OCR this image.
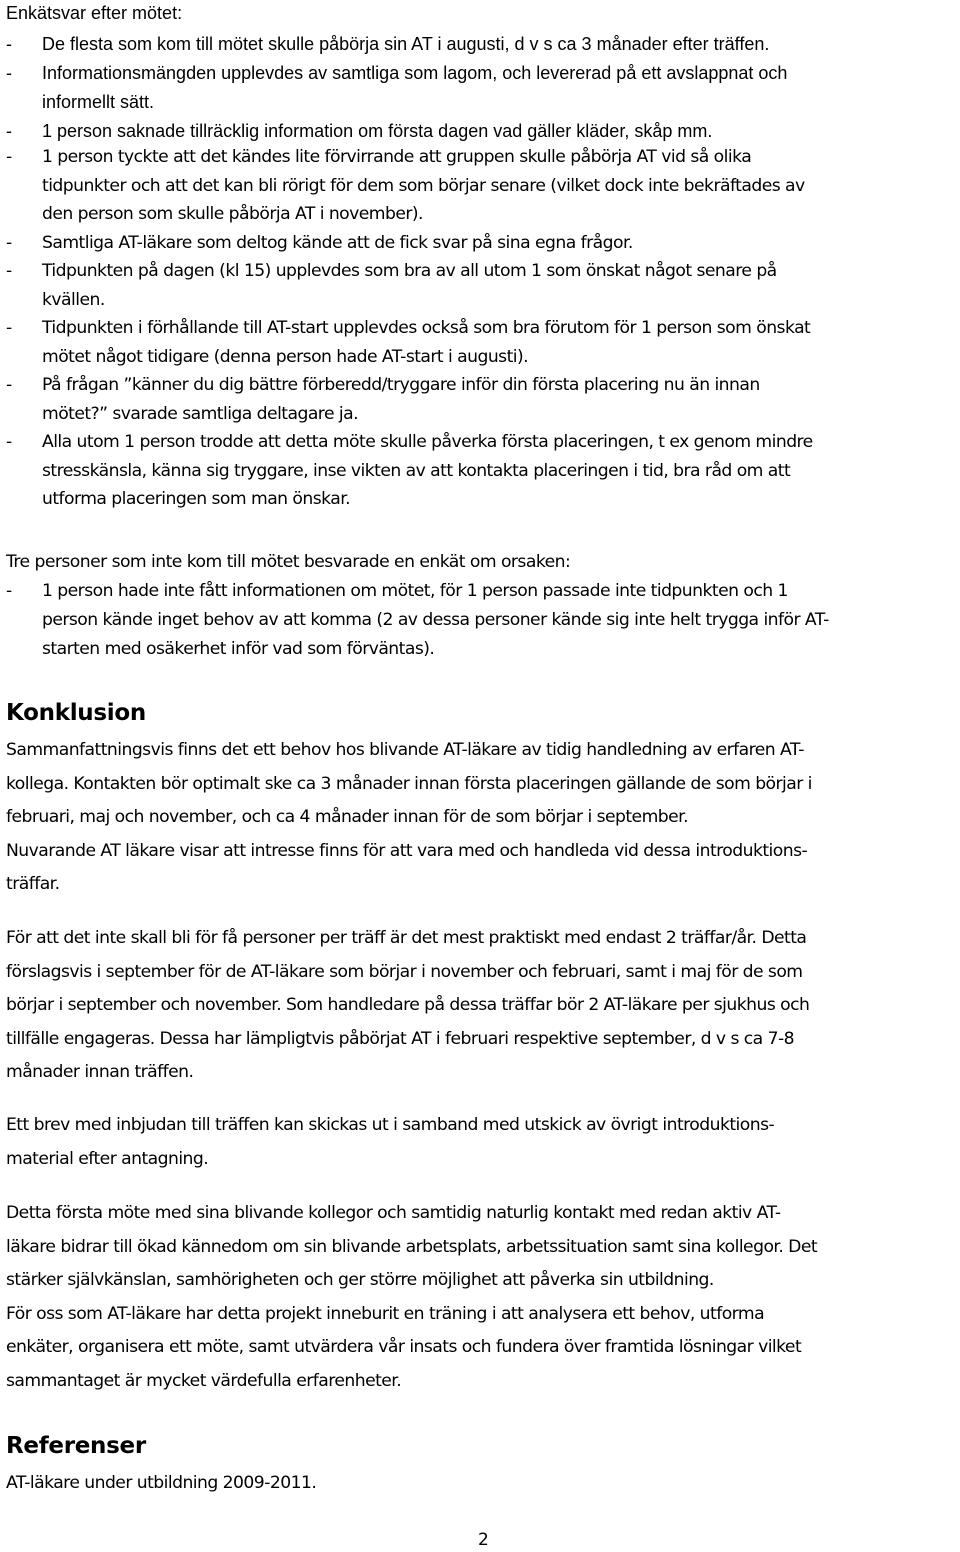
Enkätsvar efter mötet:
- De flesta som kom till mötet skulle påbörja sin AT i augusti, d v s ca 3 månader efter träffen.
- Informationsmängden upplevdes av samtliga som lagom, och levererad på ett avslappnat och
informellt sätt.
- 1 person saknade tillräcklig information om första dagen vad gäller kläder, skåp mm.
- 1 person tyckte att det kändes lite förvirrande att gruppen skulle påbörja AT vid så olika
tidpunkter och att det kan bli rörigt för dem som börjar senare (vilket dock inte bekräftades av
den person som skulle påbörja AT i november).
- Samtliga AT-läkare som deltog kände att de fick svar på sina egna frågor.
- Tidpunkten på dagen (kl 15) upplevdes som bra av all utom 1 som önskat något senare på
kvällen.
- Tidpunkten i förhållande till AT-start upplevdes också som bra förutom för 1 person som önskat
mötet något tidigare (denna person hade AT-start i augusti).
- På frågan ”känner du dig bättre förberedd/tryggare inför din första placering nu än innan
mötet?” svarade samtliga deltagare ja.
- Alla utom 1 person trodde att detta möte skulle påverka första placeringen, t ex genom mindre
stresskänsla, känna sig tryggare, inse vikten av att kontakta placeringen i tid, bra råd om att
utforma placeringen som man önskar.
Tre personer som inte kom till mötet besvarade en enkät om orsaken:
- 1 person hade inte fått informationen om mötet, för 1 person passade inte tidpunkten och 1
person kände inget behov av att komma (2 av dessa personer kände sig inte helt trygga inför AT-
starten med osäkerhet inför vad som förväntas).
Konklusion
Sammanfattningsvis finns det ett behov hos blivande AT-läkare av tidig handledning av erfaren AT-
kollega. Kontakten bör optimalt ske ca 3 månader innan första placeringen gällande de som börjar i
februari, maj och november, och ca 4 månader innan för de som börjar i september.
Nuvarande AT läkare visar att intresse finns för att vara med och handleda vid dessa introduktions-
träffar.
För att det inte skall bli för få personer per träff är det mest praktiskt med endast 2 träffar/år. Detta
förslagsvis i september för de AT-läkare som börjar i november och februari, samt i maj för de som
börjar i september och november. Som handledare på dessa träffar bör 2 AT-läkare per sjukhus och
tillfälle engageras. Dessa har lämpligtvis påbörjat AT i februari respektive september, d v s ca 7-8
månader innan träffen.
Ett brev med inbjudan till träffen kan skickas ut i samband med utskick av övrigt introduktions-
material efter antagning.
Detta första möte med sina blivande kollegor och samtidig naturlig kontakt med redan aktiv AT-
läkare bidrar till ökad kännedom om sin blivande arbetsplats, arbetssituation samt sina kollegor. Det
stärker självkänslan, samhörigheten och ger större möjlighet att påverka sin utbildning.
För oss som AT-läkare har detta projekt inneburit en träning i att analysera ett behov, utforma
enkäter, organisera ett möte, samt utvärdera vår insats och fundera över framtida lösningar vilket
sammantaget är mycket värdefulla erfarenheter.
Referenser
AT-läkare under utbildning 2009-2011.
2
